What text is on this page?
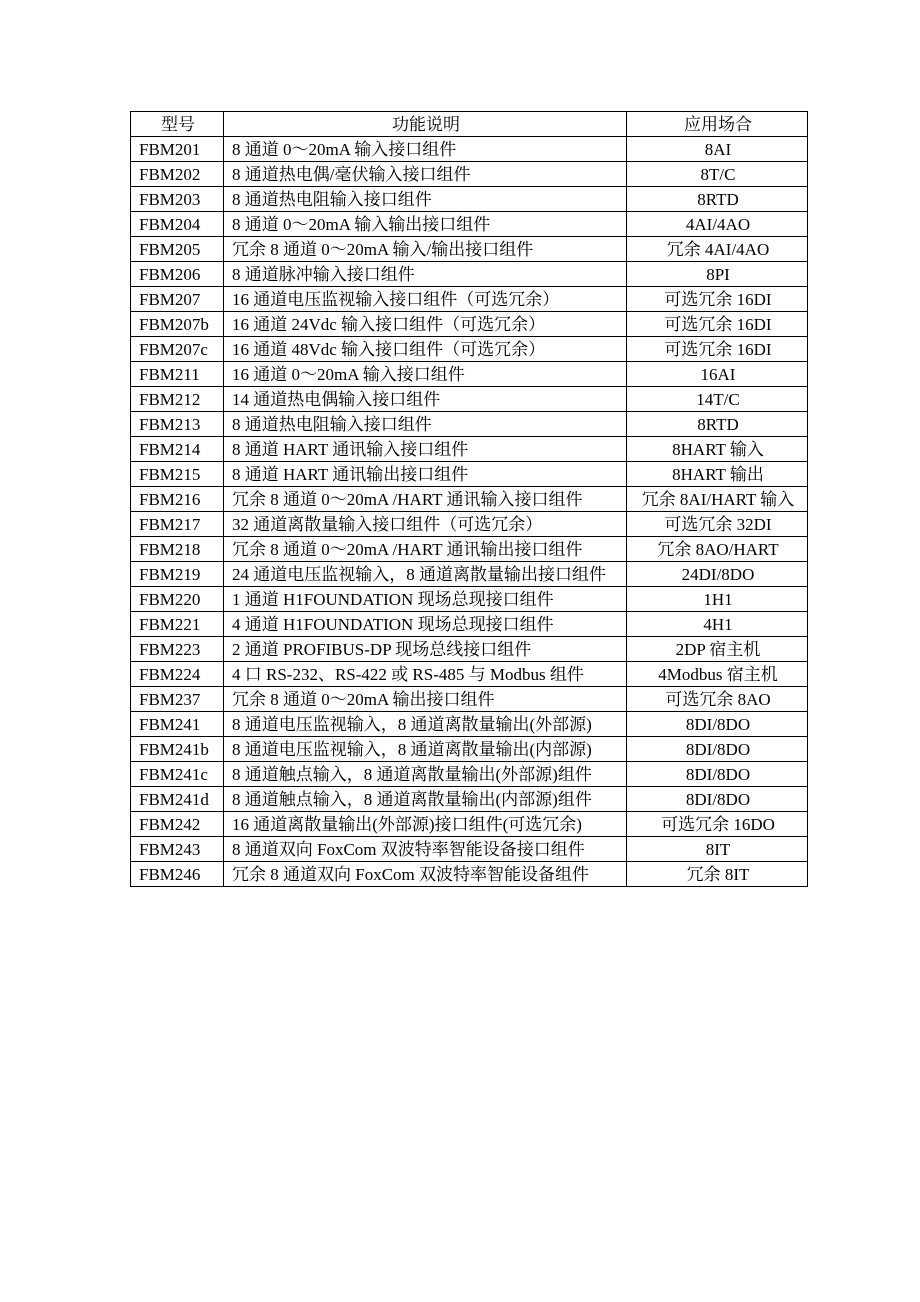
型号	功能说明	应用场合
FBM201	8 通道 0～20mA 输入接口组件	8AI
FBM202	8 通道热电偶/毫伏输入接口组件	8T/C
FBM203	8 通道热电阻输入接口组件	8RTD
FBM204	8 通道 0～20mA 输入输出接口组件	4AI/4AO
FBM205	冗余 8 通道 0～20mA 输入/输出接口组件	冗余 4AI/4AO
FBM206	8 通道脉冲输入接口组件	8PI
FBM207	16 通道电压监视输入接口组件（可选冗余）	可选冗余 16DI
FBM207b	16 通道 24Vdc 输入接口组件（可选冗余）	可选冗余 16DI
FBM207c	16 通道 48Vdc 输入接口组件（可选冗余）	可选冗余 16DI
FBM211	16 通道 0～20mA 输入接口组件	16AI
FBM212	14 通道热电偶输入接口组件	14T/C
FBM213	8 通道热电阻输入接口组件	8RTD
FBM214	8 通道 HART 通讯输入接口组件	8HART 输入
FBM215	8 通道 HART 通讯输出接口组件	8HART 输出
FBM216	冗余 8 通道 0～20mA /HART 通讯输入接口组件	冗余 8AI/HART 输入
FBM217	32 通道离散量输入接口组件（可选冗余）	可选冗余 32DI
FBM218	冗余 8 通道 0～20mA /HART 通讯输出接口组件	冗余 8AO/HART
FBM219	24 通道电压监视输入，8 通道离散量输出接口组件	24DI/8DO
FBM220	1 通道 H1FOUNDATION 现场总现接口组件	1H1
FBM221	4 通道 H1FOUNDATION 现场总现接口组件	4H1
FBM223	2 通道 PROFIBUS-DP 现场总线接口组件	2DP 宿主机
FBM224	4 口 RS-232、RS-422 或 RS-485 与 Modbus 组件	4Modbus 宿主机
FBM237	冗余 8 通道 0～20mA 输出接口组件	可选冗余 8AO
FBM241	8 通道电压监视输入，8 通道离散量输出(外部源)	8DI/8DO
FBM241b	8 通道电压监视输入，8 通道离散量输出(内部源)	8DI/8DO
FBM241c	8 通道触点输入，8 通道离散量输出(外部源)组件	8DI/8DO
FBM241d	8 通道触点输入，8 通道离散量输出(内部源)组件	8DI/8DO
FBM242	16 通道离散量输出(外部源)接口组件(可选冗余)	可选冗余 16DO
FBM243	8 通道双向 FoxCom 双波特率智能设备接口组件	8IT
FBM246	冗余 8 通道双向 FoxCom 双波特率智能设备组件	冗余 8IT
